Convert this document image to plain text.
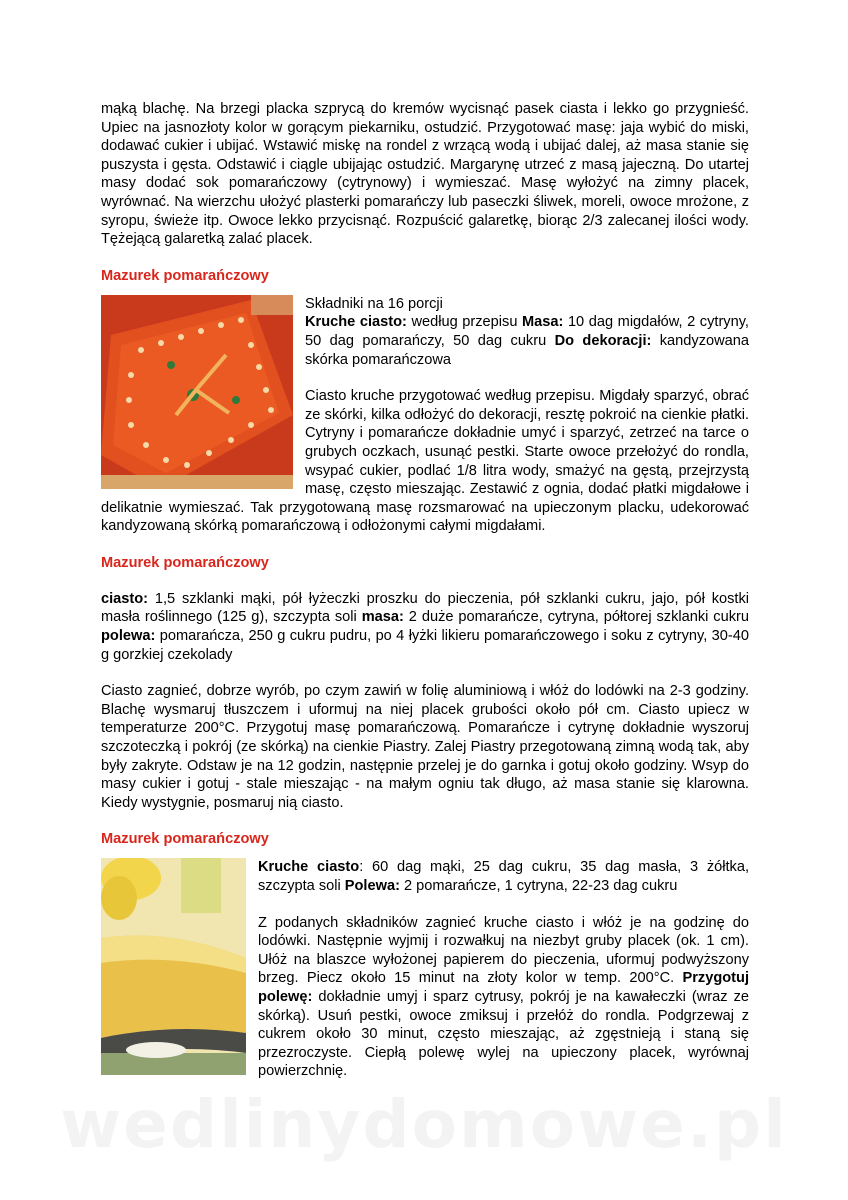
mąką blachę. Na brzegi placka szprycą do kremów wycisnąć pasek ciasta i lekko go przygnieść. Upiec na jasnozłoty kolor w gorącym piekarniku, ostudzić. Przygotować masę: jaja wybić do miski, dodawać cukier i ubijać. Wstawić miskę na rondel z wrzącą wodą i ubijać dalej, aż masa stanie się puszysta i gęsta. Odstawić i ciągle ubijając ostudzić. Margarynę utrzeć z masą jajeczną. Do utartej masy dodać sok pomarańczowy (cytrynowy) i wymieszać. Masę wyłożyć na zimny placek, wyrównać. Na wierzchu ułożyć plasterki pomarańczy lub paseczki śliwek, moreli, owoce mrożone, z syropu, świeże itp. Owoce lekko przycisnąć. Rozpuścić galaretkę, biorąc 2/3 zalecanej ilości wody. Tężejącą galaretką zalać placek.

Mazurek pomarańczowy

Składniki na 16 porcji

Kruche ciasto: według przepisu Masa: 10 dag migdałów, 2 cytryny, 50 dag pomarańczy, 50 dag cukru Do dekoracji: kandyzowana skórka pomarańczowa

Ciasto kruche przygotować według przepisu. Migdały sparzyć, obrać ze skórki, kilka odłożyć do dekoracji, resztę pokroić na cienkie płatki. Cytryny i pomarańcze dokładnie umyć i sparzyć, zetrzeć na tarce o grubych oczkach, usunąć pestki. Starte owoce przełożyć do rondla, wsypać cukier, podlać 1/8 litra wody, smażyć na gęstą, przejrzystą masę, często mieszając. Zestawić z ognia, dodać płatki migdałowe i delikatnie wymieszać. Tak przygotowaną masę rozsmarować na upieczonym placku, udekorować kandyzowaną skórką pomarańczową i odłożonymi całymi migdałami.

Mazurek pomarańczowy

ciasto: 1,5 szklanki mąki, pół łyżeczki proszku do pieczenia, pół szklanki cukru, jajo, pół kostki masła roślinnego (125 g), szczypta soli masa: 2 duże pomarańcze, cytryna, półtorej szklanki cukru polewa: pomarańcza, 250 g cukru pudru, po 4 łyżki likieru pomarańczowego i soku z cytryny, 30-40 g gorzkiej czekolady

Ciasto zagnieć, dobrze wyrób, po czym zawiń w folię aluminiową i włóż do lodówki na 2-3 godziny. Blachę wysmaruj tłuszczem i uformuj na niej placek grubości około pół cm. Ciasto upiecz w temperaturze 200°C. Przygotuj masę pomarańczową. Pomarańcze i cytrynę dokładnie wyszoruj szczoteczką i pokrój (ze skórką) na cienkie Piastry. Zalej Piastry przegotowaną zimną wodą tak, aby były zakryte. Odstaw je na 12 godzin, następnie przelej je do garnka i gotuj około godziny. Wsyp do masy cukier i gotuj - stale mieszając - na małym ogniu tak długo, aż masa stanie się klarowna. Kiedy wystygnie, posmaruj nią ciasto.

Mazurek pomarańczowy

Kruche ciasto: 60 dag mąki, 25 dag cukru, 35 dag masła, 3 żółtka, szczypta soli Polewa: 2 pomarańcze, 1 cytryna, 22-23 dag cukru

Z podanych składników zagnieć kruche ciasto i włóż je na godzinę do lodówki. Następnie wyjmij i rozwałkuj na niezbyt gruby placek (ok. 1 cm). Ułóż na blaszce wyłożonej papierem do pieczenia, uformuj podwyższony brzeg. Piecz około 15 minut na złoty kolor w temp. 200°C. Przygotuj polewę: dokładnie umyj i sparz cytrusy, pokrój je na kawałeczki (wraz ze skórką). Usuń pestki, owoce zmiksuj i przełóż do rondla. Podgrzewaj z cukrem około 30 minut, często mieszając, aż zgęstnieją i staną się przezroczyste. Ciepłą polewę wylej na upieczony placek, wyrównaj powierzchnię.
